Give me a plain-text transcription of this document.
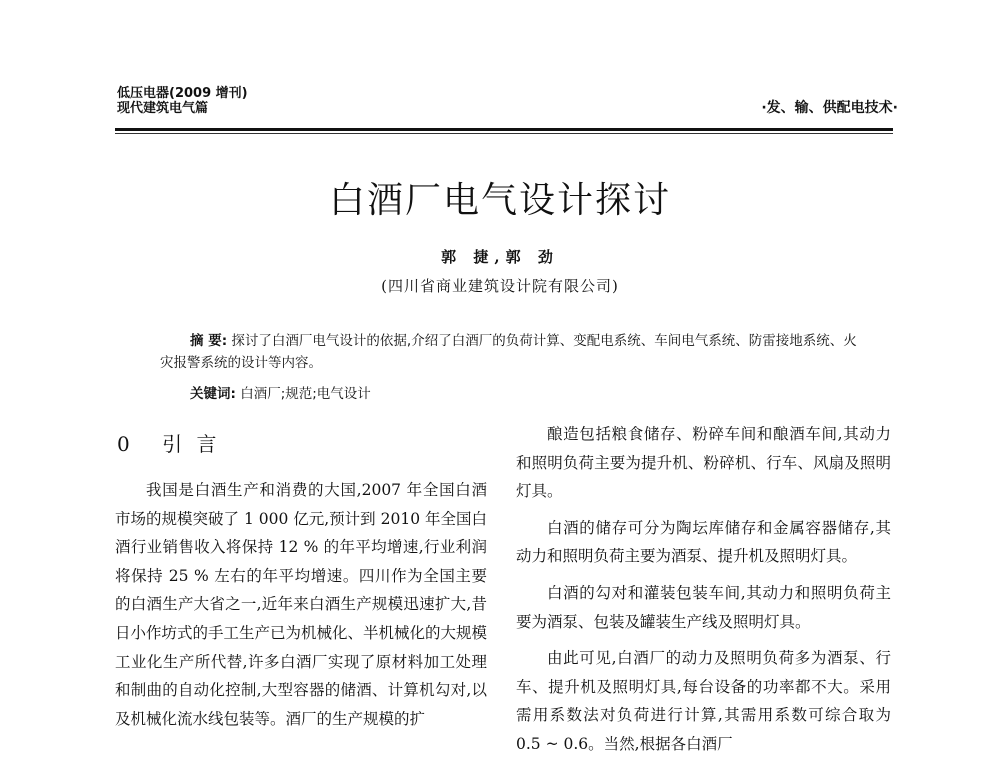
低压电器(2009 增刊)
现代建筑电气篇	·发、输、供配电技术·
白酒厂电气设计探讨
郭 捷,郭 劲
(四川省商业建筑设计院有限公司)
摘 要: 探讨了白酒厂电气设计的依据,介绍了白酒厂的负荷计算、变配电系统、车间电气系统、防雷接地系统、火灾报警系统的设计等内容。
关键词: 白酒厂;规范;电气设计
0 引 言

我国是白酒生产和消费的大国,2007 年全国白酒市场的规模突破了 1 000 亿元,预计到 2010 年全国白酒行业销售收入将保持 12 % 的年平均增速,行业利润将保持 25 % 左右的年平均增速。四川作为全国主要的白酒生产大省之一,近年来白酒生产规模迅速扩大,昔日小作坊式的手工生产已为机械化、半机械化的大规模工业化生产所代替,许多白酒厂实现了原材料加工处理和制曲的自动化控制,大型容器的储酒、计算机勾对,以及机械化流水线包装等。酒厂的生产规模的扩

酿造包括粮食储存、粉碎车间和酿酒车间,其动力和照明负荷主要为提升机、粉碎机、行车、风扇及照明灯具。

白酒的储存可分为陶坛库储存和金属容器储存,其动力和照明负荷主要为酒泵、提升机及照明灯具。

白酒的勾对和灌装包装车间,其动力和照明负荷主要为酒泵、包装及罐装生产线及照明灯具。

由此可见,白酒厂的动力及照明负荷多为酒泵、行车、提升机及照明灯具,每台设备的功率都不大。采用需用系数法对负荷进行计算,其需用系数可综合取为 0.5 ~ 0.6。当然,根据各白酒厂
